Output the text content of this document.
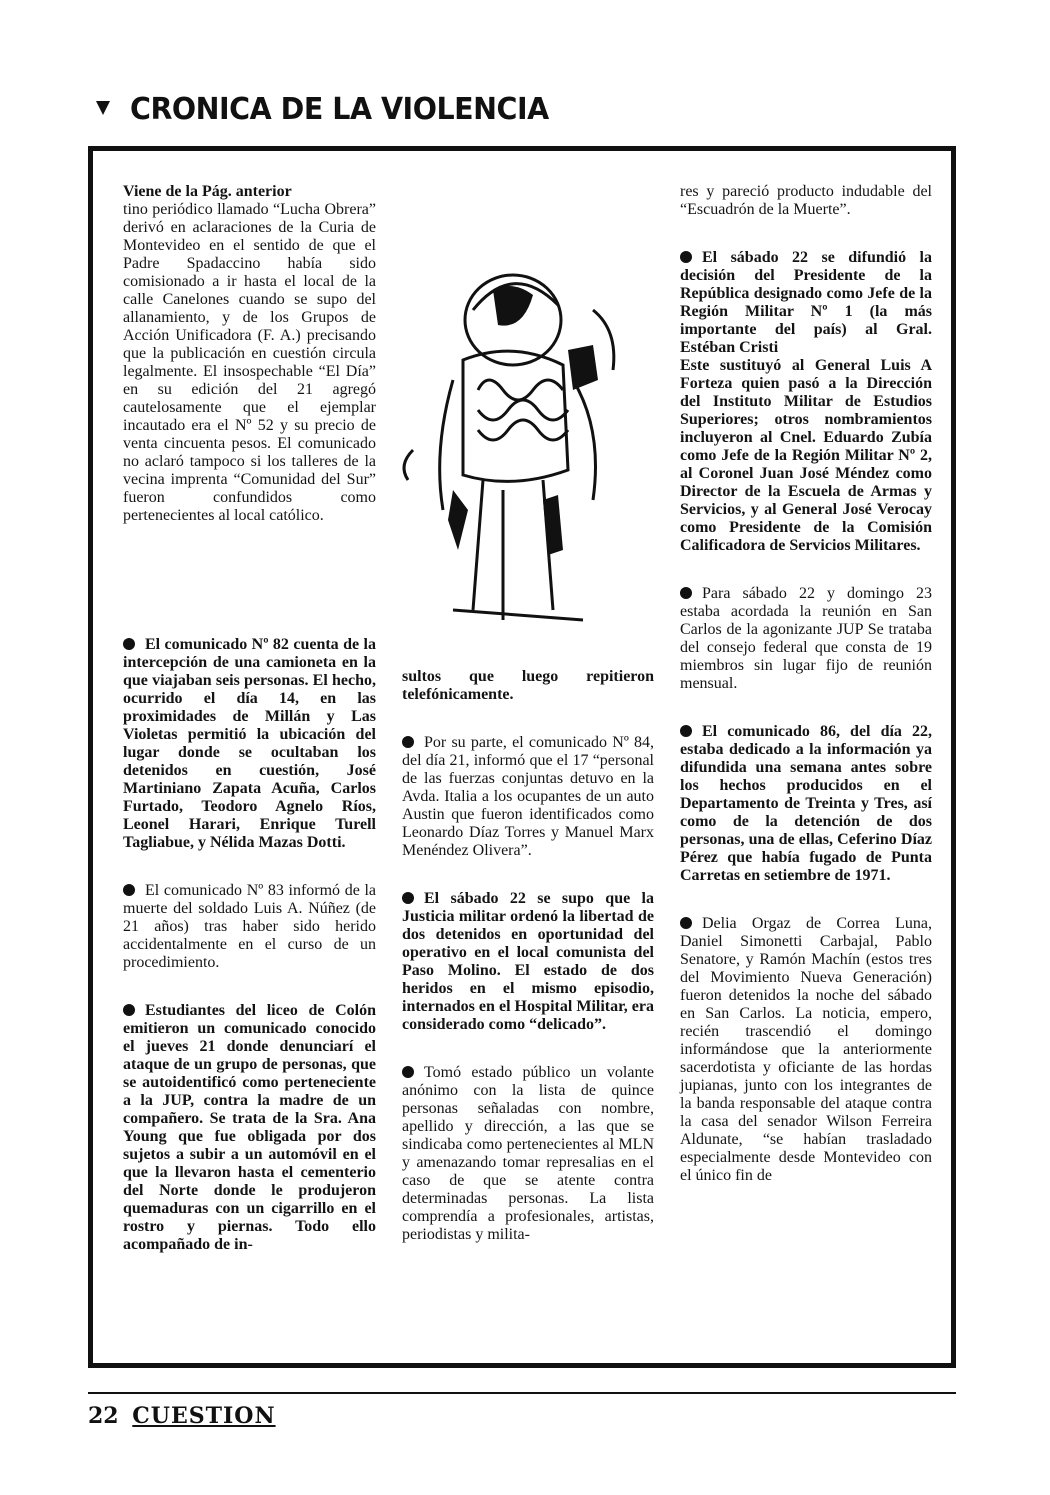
CRONICA DE LA VIOLENCIA

Viene de la Pág. anterior

tino periódico llamado “Lucha Obrera” derivó en aclaraciones de la Curia de Montevideo en el sentido de que el Padre Spadaccino había sido comisionado a ir hasta el local de la calle Canelones cuando se supo del allanamiento, y de los Grupos de Acción Unificadora (F. A.) precisando que la publicación en cuestión circula legalmente. El insospechable “El Día” en su edición del 21 agregó cautelosamente que el ejemplar incautado era el Nº 52 y su precio de venta cincuenta pesos. El comunicado no aclaró tampoco si los talleres de la vecina imprenta “Comunidad del Sur” fueron confundidos como pertenecientes al local católico.

El comunicado Nº 82 cuenta de la intercepción de una camioneta en la que viajaban seis personas. El hecho, ocurrido el día 14, en las proximidades de Millán y Las Violetas permitió la ubicación del lugar donde se ocultaban los detenidos en cuestión, José Martiniano Zapata Acuña, Carlos Furtado, Teodoro Agnelo Ríos, Leonel Harari, Enrique Turell Tagliabue, y Nélida Mazas Dotti.

El comunicado Nº 83 informó de la muerte del soldado Luis A. Núñez (de 21 años) tras haber sido herido accidentalmente en el curso de un procedimiento.

Estudiantes del liceo de Colón emitieron un comunicado conocido el jueves 21 donde denunciarí el ataque de un grupo de personas, que se autoidentificó como perteneciente a la JUP, contra la madre de un compañero. Se trata de la Sra. Ana Young que fue obligada por dos sujetos a subir a un automóvil en el que la llevaron hasta el cementerio del Norte donde le produjeron quemaduras con un cigarrillo en el rostro y piernas. Todo ello acompañado de in-

sultos que luego repitieron telefónicamente.

Por su parte, el comunicado Nº 84, del día 21, informó que el 17 “personal de las fuerzas conjuntas detuvo en la Avda. Italia a los ocupantes de un auto Austin que fueron identificados como Leonardo Díaz Torres y Manuel Marx Menéndez Olivera”.

El sábado 22 se supo que la Justicia militar ordenó la libertad de dos detenidos en oportunidad del operativo en el local comunista del Paso Molino. El estado de dos heridos en el mismo episodio, internados en el Hospital Militar, era considerado como “delicado”.

Tomó estado público un volante anónimo con la lista de quince personas señaladas con nombre, apellido y dirección, a las que se sindicaba como pertenecientes al MLN y amenazando tomar represalias en el caso de que se atente contra determinadas personas. La lista comprendía a profesionales, artistas, periodistas y milita-

res y pareció producto indudable del “Escuadrón de la Muerte”.

El sábado 22 se difundió la decisión del Presidente de la República designado como Jefe de la Región Militar Nº 1 (la más importante del país) al Gral. Estéban Cristi

Este sustituyó al General Luis A Forteza quien pasó a la Dirección del Instituto Militar de Estudios Superiores; otros nombramientos incluyeron al Cnel. Eduardo Zubía como Jefe de la Región Militar Nº 2, al Coronel Juan José Méndez como Director de la Escuela de Armas y Servicios, y al General José Verocay como Presidente de la Comisión Calificadora de Servicios Militares.

Para sábado 22 y domingo 23 estaba acordada la reunión en San Carlos de la agonizante JUP Se trataba del consejo federal que consta de 19 miembros sin lugar fijo de reunión mensual.

El comunicado 86, del día 22, estaba dedicado a la información ya difundida una semana antes sobre los hechos producidos en el Departamento de Treinta y Tres, así como de la detención de dos personas, una de ellas, Ceferino Díaz Pérez que había fugado de Punta Carretas en setiembre de 1971.

Delia Orgaz de Correa Luna, Daniel Simonetti Carbajal, Pablo Senatore, y Ramón Machín (estos tres del Movimiento Nueva Generación) fueron detenidos la noche del sábado en San Carlos. La noticia, empero, recién trascendió el domingo informándose que la anteriormente sacerdotista y oficiante de las hordas jupianas, junto con los integrantes de la banda responsable del ataque contra la casa del senador Wilson Ferreira Aldunate, “se habían trasladado especialmente desde Montevideo con el único fin de

22 CUESTION
